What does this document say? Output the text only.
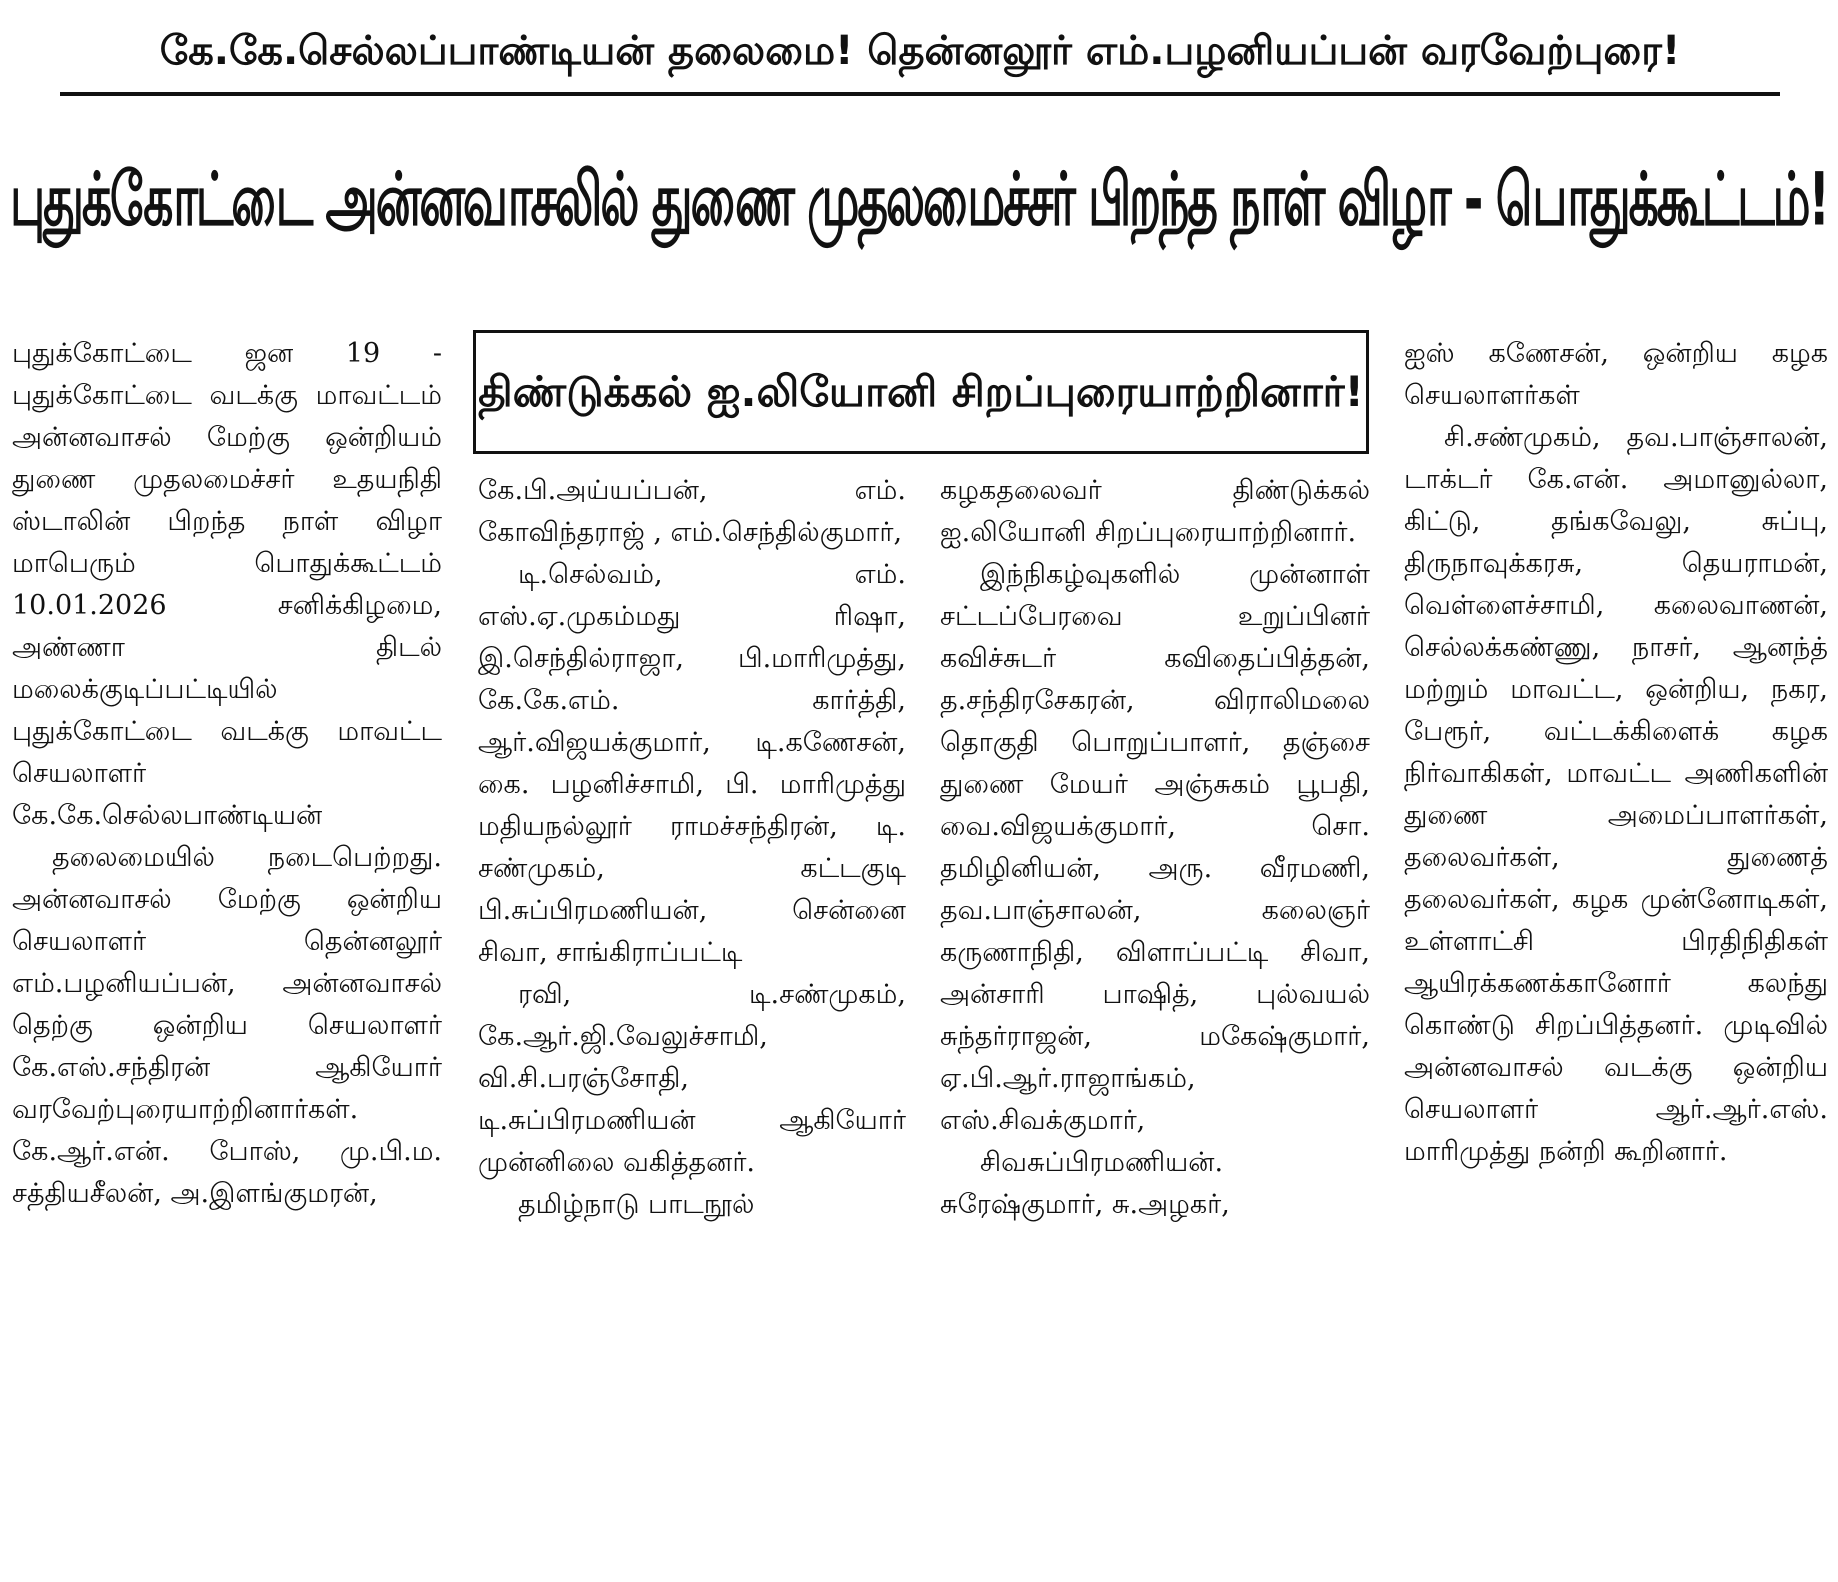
கே.கே.செல்லப்பாண்டியன் தலைமை! தென்னலூர் எம்.பழனியப்பன் வரவேற்புரை!
புதுக்கோட்டை அன்னவாசலில் துணை முதலமைச்சர் பிறந்த நாள் விழா - பொதுக்கூட்டம்!
திண்டுக்கல் ஐ.லியோனி சிறப்புரையாற்றினார்!

புதுக்கோட்டை ஜன 19 - புதுக்கோட்டை வடக்கு மாவட்டம் அன்னவாசல் மேற்கு ஒன்றியம் துணை முதலமைச்சர் உதயநிதி ஸ்டாலின் பிறந்த நாள் விழா மாபெரும் பொதுக்கூட்டம் 10.01.2026 சனிக்கிழமை, அண்ணா திடல் மலைக்குடிப்பட்டியில் புதுக்கோட்டை வடக்கு மாவட்ட செயலாளர் கே.கே.செல்லபாண்டியன்

தலைமையில் நடைபெற்றது. அன்னவாசல் மேற்கு ஒன்றிய செயலாளர் தென்னலூர் எம்.பழனியப்பன், அன்னவாசல் தெற்கு ஒன்றிய செயலாளர் கே.எஸ்.சந்திரன் ஆகியோர் வரவேற்புரையாற்றினார்கள். கே.ஆர்.என். போஸ், மு.பி.ம. சத்தியசீலன், அ.இளங்குமரன்,

கே.பி.அய்யப்பன், எம். கோவிந்தராஜ் , எம்.செந்தில்குமார்,

டி.செல்வம், எம். எஸ்.ஏ.முகம்மது ரிஷா, இ.செந்தில்ராஜா, பி.மாரிமுத்து, கே.கே.எம். கார்த்தி, ஆர்.விஜயக்குமார், டி.கணேசன், கை. பழனிச்சாமி, பி. மாரிமுத்து மதியநல்லூர் ராமச்சந்திரன், டி. சண்முகம், கட்டகுடி பி.சுப்பிரமணியன், சென்னை சிவா, சாங்கிராப்பட்டி

ரவி, டி.சண்முகம், கே.ஆர்.ஜி.வேலுச்சாமி, வி.சி.பரஞ்சோதி, டி.சுப்பிரமணியன் ஆகியோர் முன்னிலை வகித்தனர்.

தமிழ்நாடு பாடநூல்

கழகதலைவர் திண்டுக்கல் ஐ.லியோனி சிறப்புரையாற்றினார்.

இந்நிகழ்வுகளில் முன்னாள் சட்டப்பேரவை உறுப்பினர் கவிச்சுடர் கவிதைப்பித்தன், த.சந்திரசேகரன், விராலிமலை தொகுதி பொறுப்பாளர், தஞ்சை துணை மேயர் அஞ்சுகம் பூபதி, வை.விஜயக்குமார், சொ. தமிழினியன், அரு. வீரமணி, தவ.பாஞ்சாலன், கலைஞர் கருணாநிதி, விளாப்பட்டி சிவா, அன்சாரி பாஷித், புல்வயல் சுந்தர்ராஜன், மகேஷ்குமார், ஏ.பி.ஆர்.ராஜாங்கம், எஸ்.சிவக்குமார்,

சிவசுப்பிரமணியன். சுரேஷ்குமார், சு.அழகர்,

ஐஸ் கணேசன், ஒன்றிய கழக செயலாளர்கள்

சி.சண்முகம், தவ.பாஞ்சாலன், டாக்டர் கே.என். அமானுல்லா, கிட்டு, தங்கவேலு, சுப்பு, திருநாவுக்கரசு, தெயராமன், வெள்ளைச்சாமி, கலைவாணன், செல்லக்கண்ணு, நாசர், ஆனந்த் மற்றும் மாவட்ட, ஒன்றிய, நகர, பேரூர், வட்டக்கிளைக் கழக நிர்வாகிகள், மாவட்ட அணிகளின் துணை அமைப்பாளர்கள், தலைவர்கள், துணைத் தலைவர்கள், கழக முன்னோடிகள், உள்ளாட்சி பிரதிநிதிகள் ஆயிரக்கணக்கானோர் கலந்து கொண்டு சிறப்பித்தனர். முடிவில் அன்னவாசல் வடக்கு ஒன்றிய செயலாளர் ஆர்.ஆர்.எஸ். மாரிமுத்து நன்றி கூறினார்.
